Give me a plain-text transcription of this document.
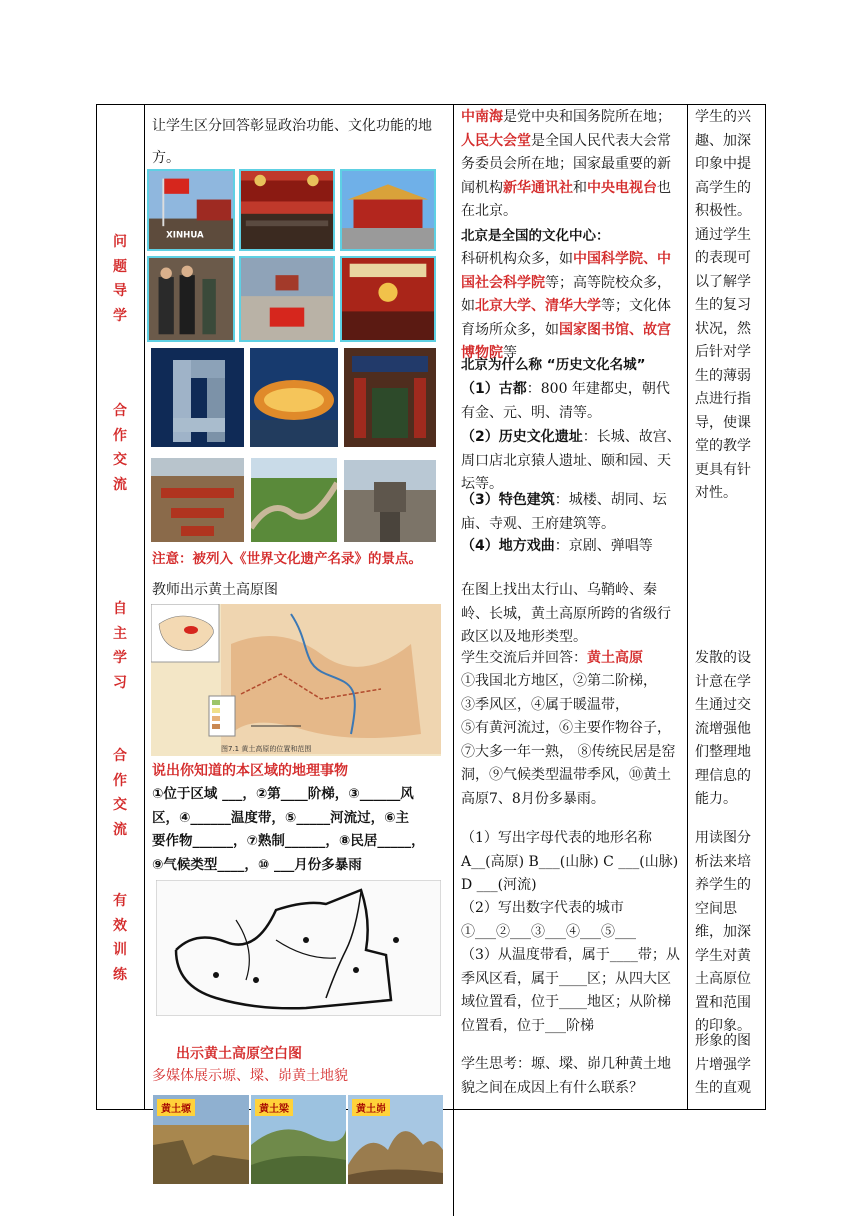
问
题
导
学
合
作
交
流
自
主
学
习
合
作
交
流
有
效
训
练
让学生区分回答彰显政治功能、文化功能的地方。
XINHUA
注意：被列入《世界文化遗产名录》的景点。
教师出示黄土高原图
图7.1 黄土高原的位置和范围
说出你知道的本区域的地理事物
①位于区域 ___，②第____阶梯，③______风
区，④______温度带，⑤_____河流过，⑥主
要作物______，⑦熟制______，⑧民居_____，
⑨气候类型____，⑩ ___月份多暴雨
出示黄土高原空白图
多媒体展示塬、墚、峁黄土地貌
黄土塬	黄土梁	黄土峁
中南海是党中央和国务院所在地；人民大会堂是全国人民代表大会常务委员会所在地；国家最重要的新闻机构新华通讯社和中央电视台也在北京。
北京是全国的文化中心：
科研机构众多，如中国科学院、中国社会科学院等；高等院校众多，如北京大学、清华大学等；文化体育场所众多，如国家图书馆、故宫博物院等
北京为什么称 “历史文化名城”
（1）古都：800 年建都史，朝代有金、元、明、清等。
（2）历史文化遗址：长城、故宫、周口店北京猿人遗址、颐和园、天坛等。
（3）特色建筑：城楼、胡同、坛庙、寺观、王府建筑等。
（4）地方戏曲：京剧、弹唱等
在图上找出太行山、乌鞘岭、秦岭、长城，黄土高原所跨的省级行政区以及地形类型。
学生交流后并回答：黄土高原
①我国北方地区，②第二阶梯，
③季风区，④属于暖温带，
⑤有黄河流过，⑥主要作物谷子，
⑦大多一年一熟， ⑧传统民居是窑洞，⑨气候类型温带季风，⑩黄土高原7、8月份多暴雨。
（1）写出字母代表的地形名称A__(高原) B___(山脉) C ___(山脉) D ___(河流)
（2）写出数字代表的城市①___②___③___④___⑤___
（3）从温度带看，属于____带；从季风区看，属于____区；从四大区域位置看，位于____地区；从阶梯位置看，位于___阶梯
学生思考：塬、墚、峁几种黄土地貌之间在成因上有什么联系？
学生的兴趣、加深印象中提高学生的积极性。通过学生的表现可以了解学生的复习状况，然后针对学生的薄弱点进行指导，使课堂的教学更具有针对性。
发散的设计意在学生通过交流增强他们整理地理信息的能力。
用读图分析法来培养学生的空间思维，加深学生对黄土高原位置和范围的印象。
形象的图片增强学生的直观
